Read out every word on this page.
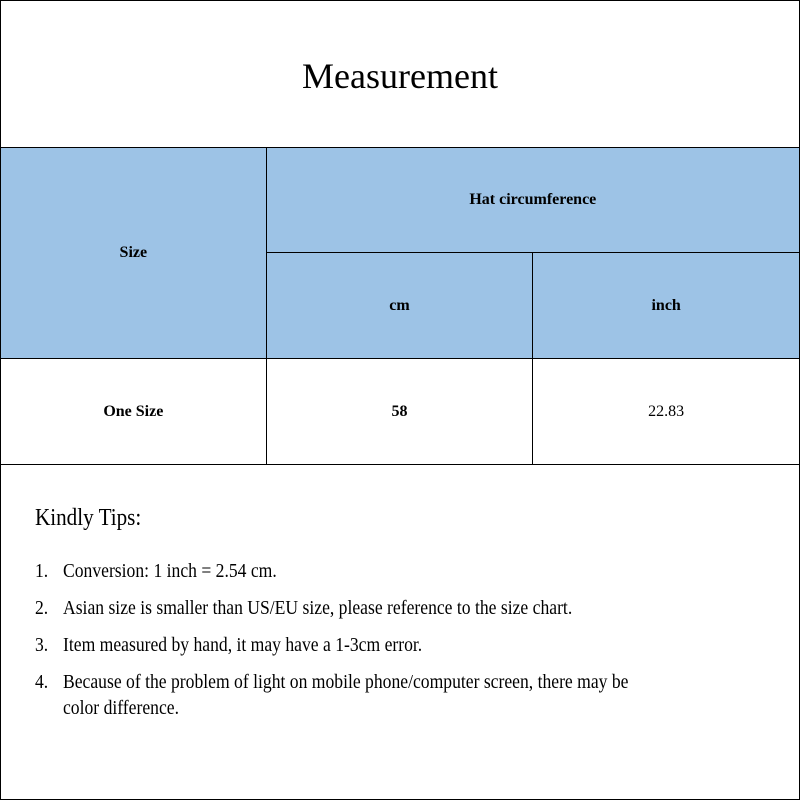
Measurement
Size	Hat circumference	
	cm	inch
One Size	58	22.83
Kindly Tips:
1. Conversion: 1 inch = 2.54 cm.
2. Asian size is smaller than US/EU size, please reference to the size chart.
3. Item measured by hand, it may have a 1-3cm error.
4. Because of the problem of light on mobile phone/computer screen, there may be
color difference.
